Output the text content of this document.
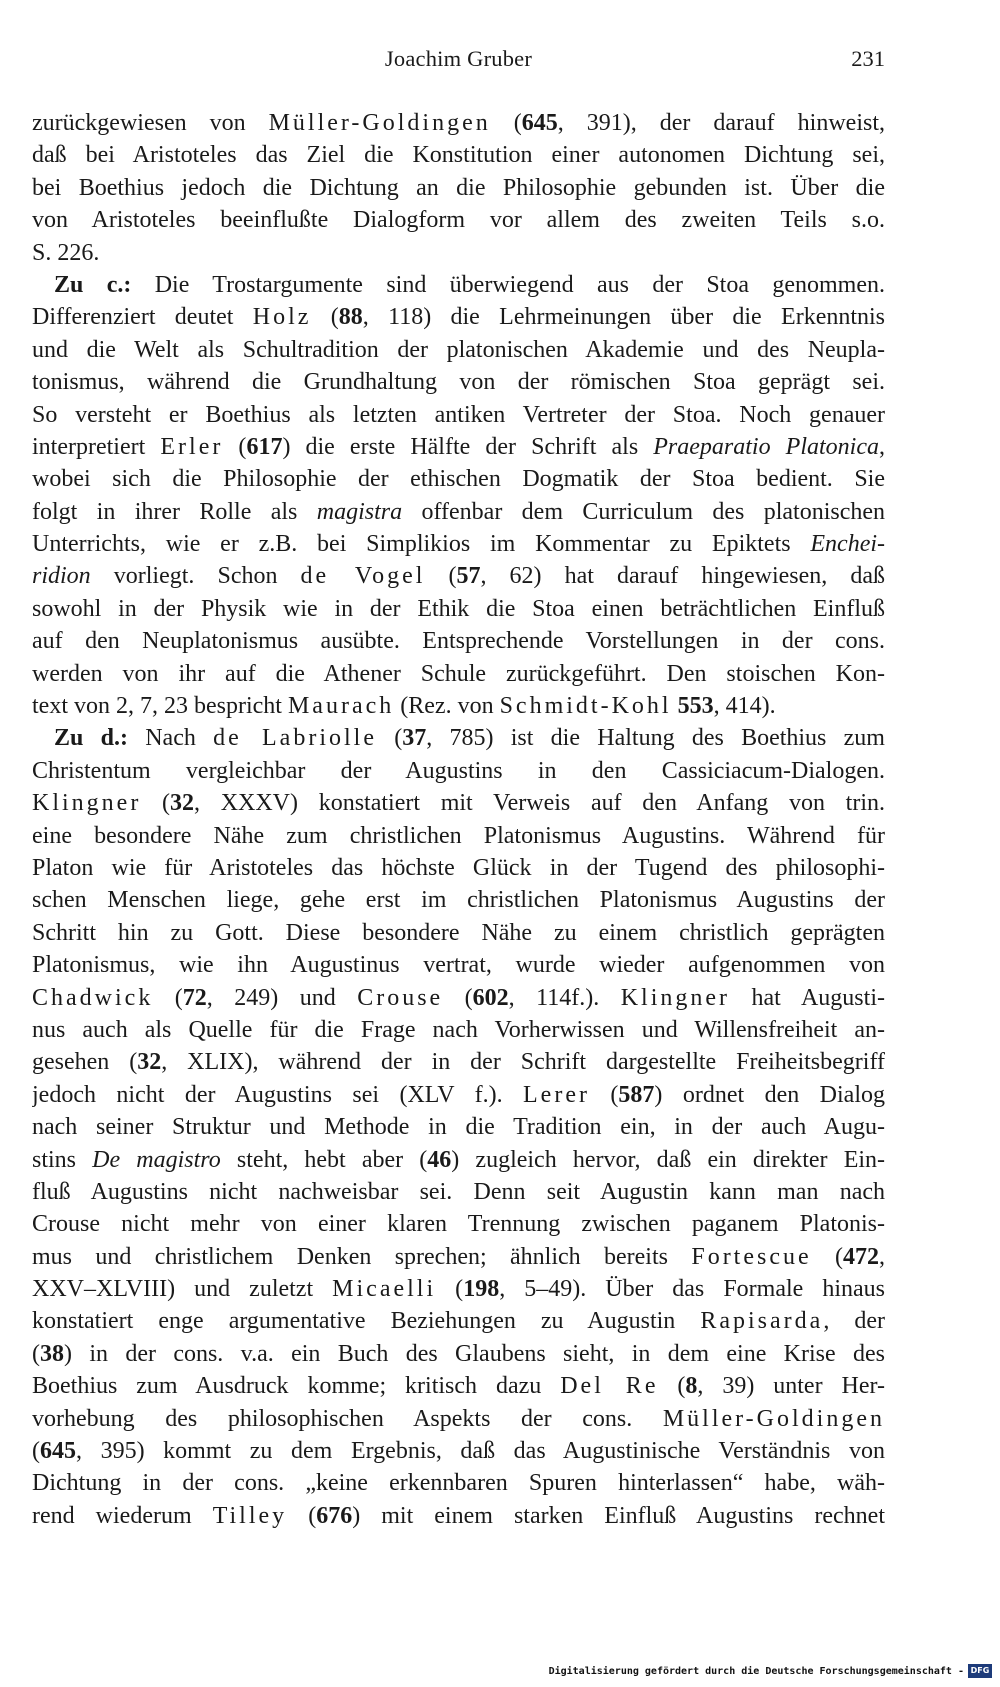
Joachim Gruber	231
zurückgewiesen von Müller-Goldingen (645, 391), der darauf hinweist,
daß bei Aristoteles das Ziel die Konstitution einer autonomen Dichtung sei,
bei Boethius jedoch die Dichtung an die Philosophie gebunden ist. Über die
von Aristoteles beeinflußte Dialogform vor allem des zweiten Teils s.o.
S. 226.
Zu c.: Die Trostargumente sind überwiegend aus der Stoa genommen.
Differenziert deutet Holz (88, 118) die Lehrmeinungen über die Erkenntnis
und die Welt als Schultradition der platonischen Akademie und des Neupla-
tonismus, während die Grundhaltung von der römischen Stoa geprägt sei.
So versteht er Boethius als letzten antiken Vertreter der Stoa. Noch genauer
interpretiert Erler (617) die erste Hälfte der Schrift als Praeparatio Platonica,
wobei sich die Philosophie der ethischen Dogmatik der Stoa bedient. Sie
folgt in ihrer Rolle als magistra offenbar dem Curriculum des platonischen
Unterrichts, wie er z.B. bei Simplikios im Kommentar zu Epiktets Enchei-
ridion vorliegt. Schon de Vogel (57, 62) hat darauf hingewiesen, daß
sowohl in der Physik wie in der Ethik die Stoa einen beträchtlichen Einfluß
auf den Neuplatonismus ausübte. Entsprechende Vorstellungen in der cons.
werden von ihr auf die Athener Schule zurückgeführt. Den stoischen Kon-
text von 2, 7, 23 bespricht Maurach (Rez. von Schmidt-Kohl 553, 414).
Zu d.: Nach de Labriolle (37, 785) ist die Haltung des Boethius zum
Christentum vergleichbar der Augustins in den Cassiciacum-Dialogen.
Klingner (32, XXXV) konstatiert mit Verweis auf den Anfang von trin.
eine besondere Nähe zum christlichen Platonismus Augustins. Während für
Platon wie für Aristoteles das höchste Glück in der Tugend des philosophi-
schen Menschen liege, gehe erst im christlichen Platonismus Augustins der
Schritt hin zu Gott. Diese besondere Nähe zu einem christlich geprägten
Platonismus, wie ihn Augustinus vertrat, wurde wieder aufgenommen von
Chadwick (72, 249) und Crouse (602, 114f.). Klingner hat Augusti-
nus auch als Quelle für die Frage nach Vorherwissen und Willensfreiheit an-
gesehen (32, XLIX), während der in der Schrift dargestellte Freiheitsbegriff
jedoch nicht der Augustins sei (XLV f.). Lerer (587) ordnet den Dialog
nach seiner Struktur und Methode in die Tradition ein, in der auch Augu-
stins De magistro steht, hebt aber (46) zugleich hervor, daß ein direkter Ein-
fluß Augustins nicht nachweisbar sei. Denn seit Augustin kann man nach
Crouse nicht mehr von einer klaren Trennung zwischen paganem Platonis-
mus und christlichem Denken sprechen; ähnlich bereits Fortescue (472,
XXV–XLVIII) und zuletzt Micaelli (198, 5–49). Über das Formale hinaus
konstatiert enge argumentative Beziehungen zu Augustin Rapisarda, der
(38) in der cons. v.a. ein Buch des Glaubens sieht, in dem eine Krise des
Boethius zum Ausdruck komme; kritisch dazu Del Re (8, 39) unter Her-
vorhebung des philosophischen Aspekts der cons. Müller-Goldingen
(645, 395) kommt zu dem Ergebnis, daß das Augustinische Verständnis von
Dichtung in der cons. „keine erkennbaren Spuren hinterlassen“ habe, wäh-
rend wiederum Tilley (676) mit einem starken Einfluß Augustins rechnet
Digitalisierung gefördert durch die Deutsche Forschungsgemeinschaft - DFG
